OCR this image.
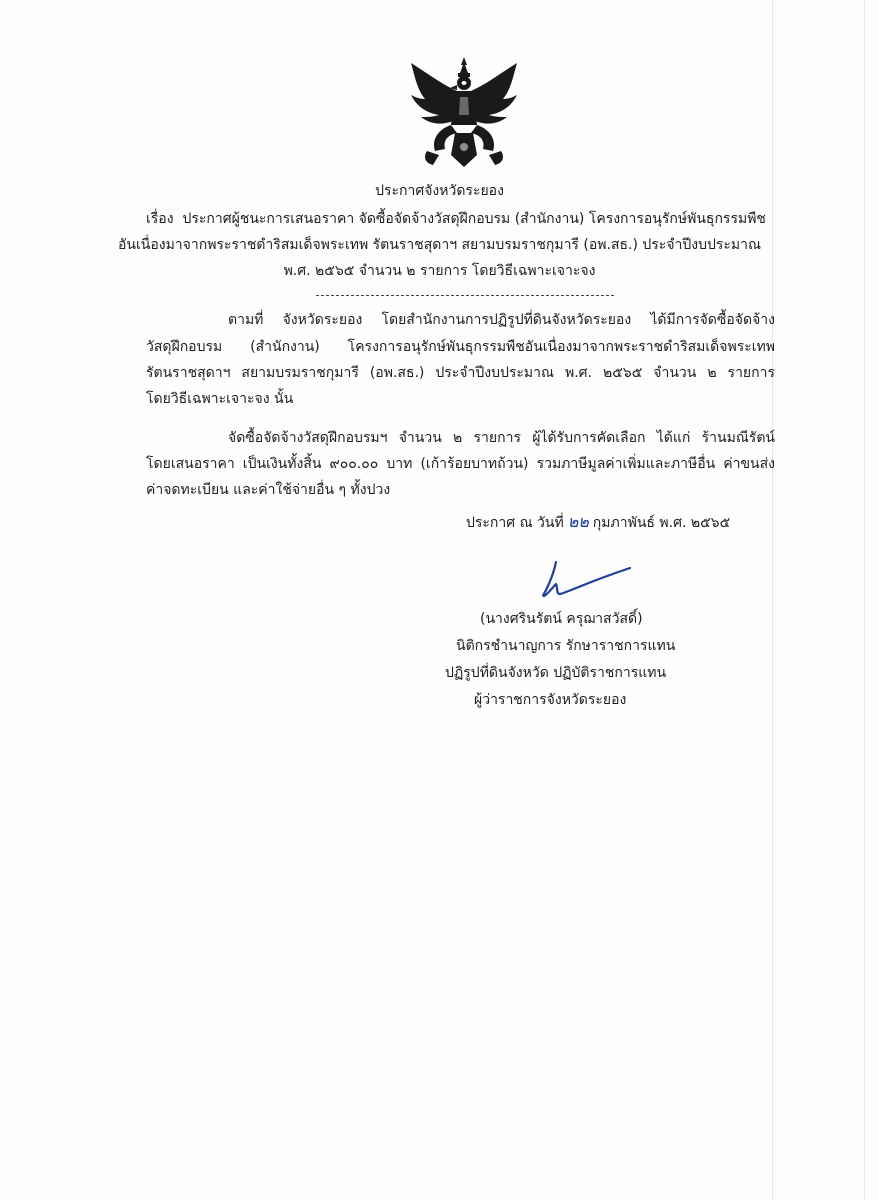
ประกาศจังหวัดระยอง
เรื่อง ประกาศผู้ชนะการเสนอราคา จัดซื้อจัดจ้างวัสดุฝึกอบรม (สำนักงาน) โครงการอนุรักษ์พันธุกรรมพืช
อันเนื่องมาจากพระราชดำริสมเด็จพระเทพ รัตนราชสุดาฯ สยามบรมราชกุมารี (อพ.สธ.) ประจำปีงบประมาณ
พ.ศ. ๒๕๖๕ จำนวน ๒ รายการ โดยวิธีเฉพาะเจาะจง
ตามที่ จังหวัดระยอง โดยสำนักงานการปฏิรูปที่ดินจังหวัดระยอง ได้มีการจัดซื้อจัดจ้าง
วัสดุฝึกอบรม (สำนักงาน) โครงการอนุรักษ์พันธุกรรมพืชอันเนื่องมาจากพระราชดำริสมเด็จพระเทพ
รัตนราชสุดาฯ สยามบรมราชกุมารี (อพ.สธ.) ประจำปีงบประมาณ พ.ศ. ๒๕๖๕ จำนวน ๒ รายการ
โดยวิธีเฉพาะเจาะจง นั้น
จัดซื้อจัดจ้างวัสดุฝึกอบรมฯ จำนวน ๒ รายการ ผู้ได้รับการคัดเลือก ได้แก่ ร้านมณีรัตน์
โดยเสนอราคา เป็นเงินทั้งสิ้น ๙๐๐.๐๐ บาท (เก้าร้อยบาทถ้วน) รวมภาษีมูลค่าเพิ่มและภาษีอื่น ค่าขนส่ง
ค่าจดทะเบียน และค่าใช้จ่ายอื่น ๆ ทั้งปวง
ประกาศ ณ วันที่ ๒๒ กุมภาพันธ์ พ.ศ. ๒๕๖๕
(นางศรินรัตน์ ครุฌาสวัสดิ์)
นิติกรชำนาญการ รักษาราชการแทน
ปฏิรูปที่ดินจังหวัด ปฏิบัติราชการแทน
ผู้ว่าราชการจังหวัดระยอง
